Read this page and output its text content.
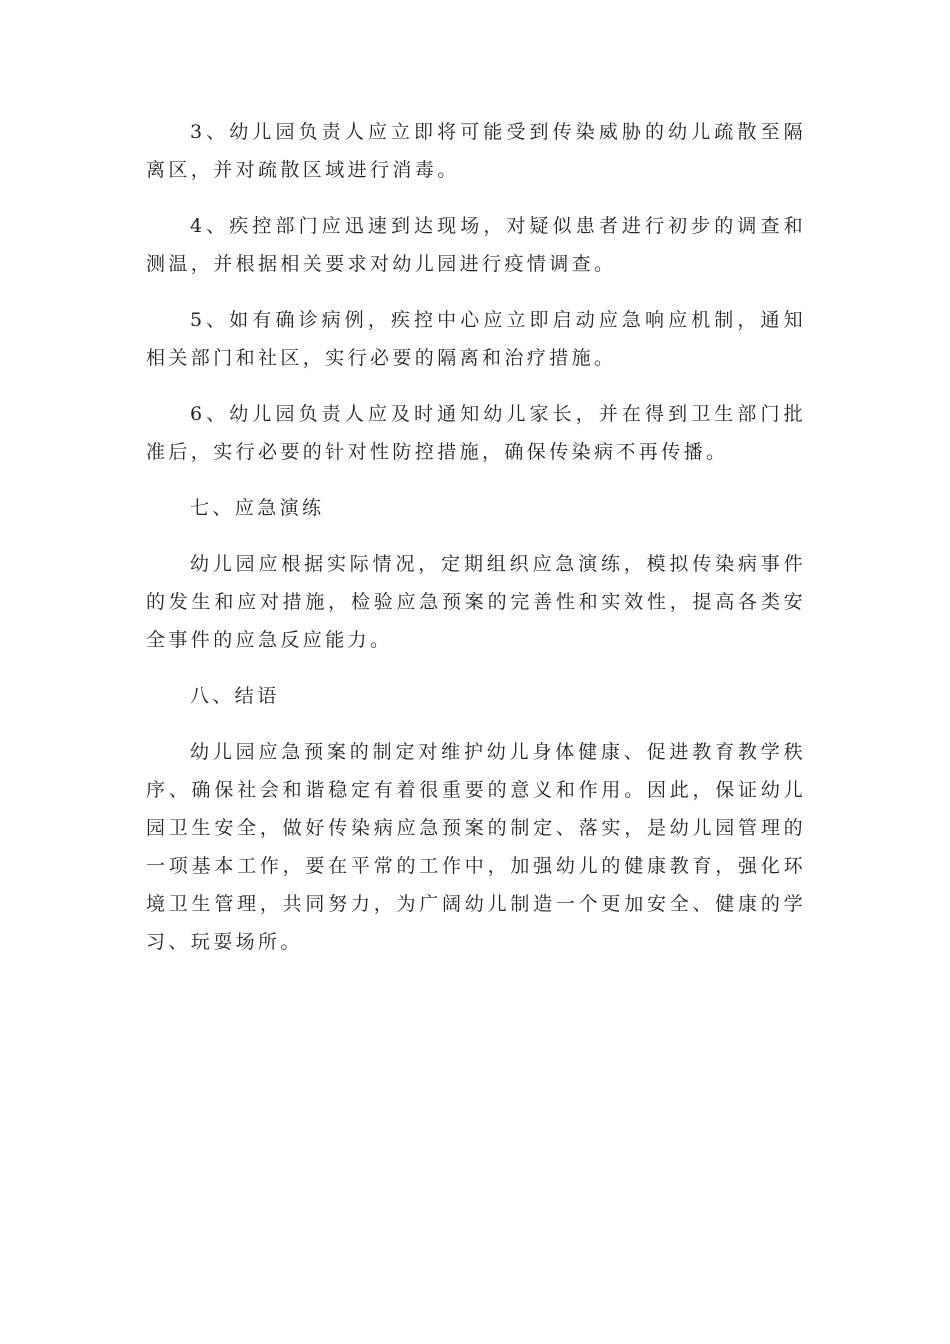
3、幼儿园负责人应立即将可能受到传染威胁的幼儿疏散至隔离区，并对疏散区域进行消毒。

4、疾控部门应迅速到达现场，对疑似患者进行初步的调查和测温，并根据相关要求对幼儿园进行疫情调查。

5、如有确诊病例，疾控中心应立即启动应急响应机制，通知相关部门和社区，实行必要的隔离和治疗措施。

6、幼儿园负责人应及时通知幼儿家长，并在得到卫生部门批准后，实行必要的针对性防控措施，确保传染病不再传播。

七、应急演练

幼儿园应根据实际情况，定期组织应急演练，模拟传染病事件的发生和应对措施，检验应急预案的完善性和实效性，提高各类安全事件的应急反应能力。

八、结语

幼儿园应急预案的制定对维护幼儿身体健康、促进教育教学秩序、确保社会和谐稳定有着很重要的意义和作用。因此，保证幼儿园卫生安全，做好传染病应急预案的制定、落实，是幼儿园管理的一项基本工作，要在平常的工作中，加强幼儿的健康教育，强化环境卫生管理，共同努力，为广阔幼儿制造一个更加安全、健康的学习、玩耍场所。
